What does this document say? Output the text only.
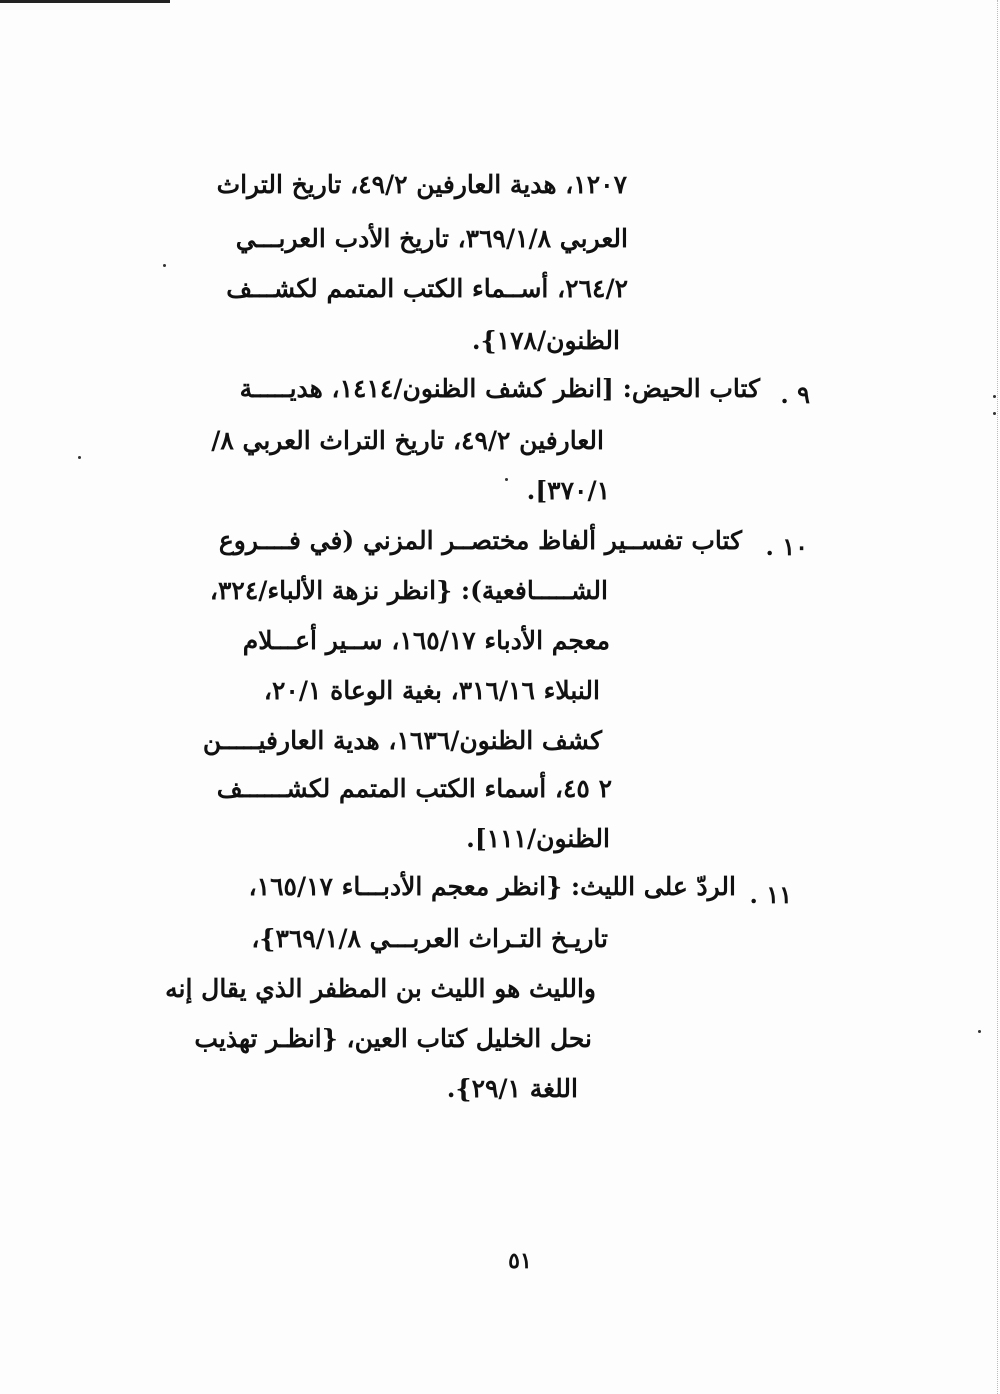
١٢٠٧، هدية العارفين ٤٩/٢، تاريخ التراث
العربي ٣٦٩/١/٨، تاريخ الأدب العربـــي
٢٦٤/٢، أســماء الكتب المتمم لكشـــف
الظنون/١٧٨}.
٩ .
كتاب الحيض: [انظر كشف الظنون/١٤١٤، هديـــــة
العارفين ٤٩/٢، تاريخ التراث العربي ٨/
٣٧٠/١].
١٠ .
كتاب تفســير ألفاظ مختصــر المزني (في فــــروع
الشـــــافعية): {انظر نزهة الألباء/٣٢٤،
معجم الأدباء ١٦٥/١٧، ســير أعـــلام
النبلاء ٣١٦/١٦، بغية الوعاة ٢٠/١،
كشف الظنون/١٦٣٦، هدية العارفيـــــن
٢ ٤٥، أسماء الكتب المتمم لكشــــــف
الظنون/١١١].
١١ .
الردّ على الليث: {انظر معجم الأدبـــاء ١٦٥/١٧،
تاريـخ التـراث العربـــي ٣٦٩/١/٨}،
والليث هو الليث بن المظفر الذي يقال إنه
نحل الخليل كتاب العين، {انظـر تهذيب
اللغة ٢٩/١}.
٥١
